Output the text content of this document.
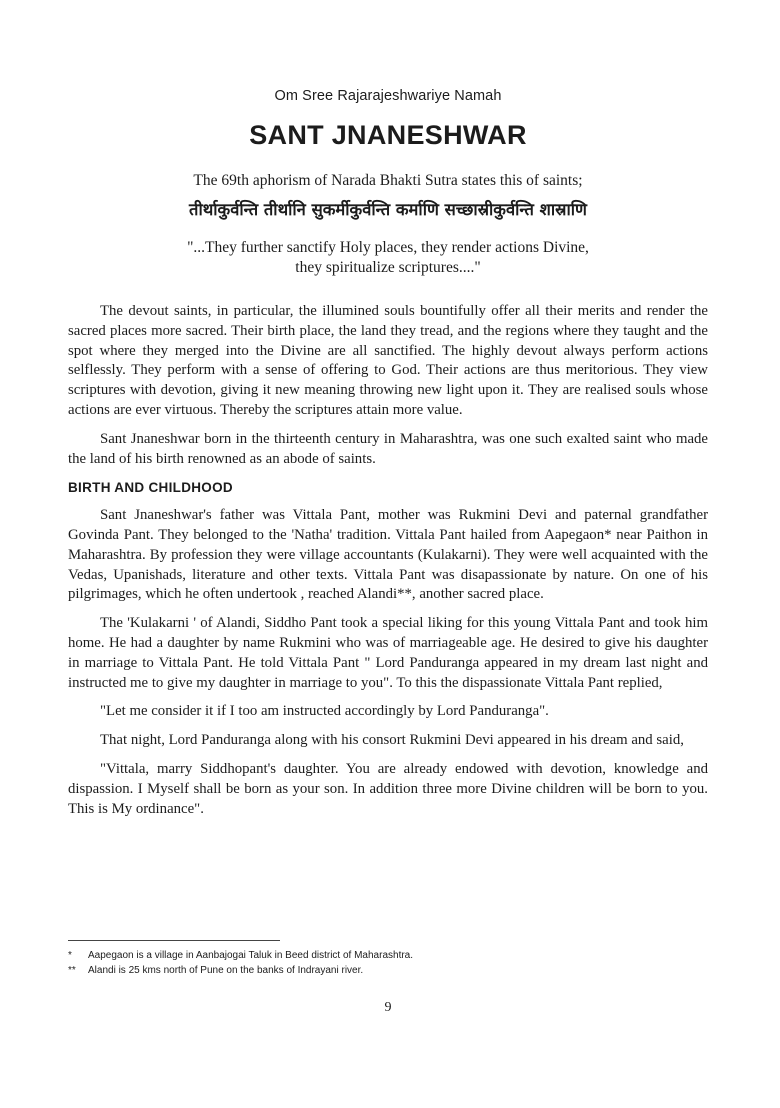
Om Sree Rajarajeshwariye Namah
SANT JNANESHWAR
The 69th aphorism of Narada Bhakti Sutra states this of saints;
तीर्थाकुर्वन्ति तीर्थानि सुकर्मीकुर्वन्ति कर्माणि सच्छास्रीकुर्वन्ति शास्राणि
"...They further sanctify Holy places, they render actions Divine,
they spiritualize scriptures...."

The devout saints, in particular, the illumined souls bountifully offer all their merits and render the sacred places more sacred. Their birth place, the land they tread, and the regions where they taught and the spot where they merged into the Divine are all sanctified. The highly devout always perform actions selflessly. They perform with a sense of offering to God. Their actions are thus meritorious. They view scriptures with devotion, giving it new meaning throwing new light upon it. They are realised souls whose actions are ever virtuous. Thereby the scriptures attain more value.

Sant Jnaneshwar born in the thirteenth century in Maharashtra, was one such exalted saint who made the land of his birth renowned as an abode of saints.

BIRTH AND CHILDHOOD

Sant Jnaneshwar's father was Vittala Pant, mother was Rukmini Devi and paternal grandfather Govinda Pant. They belonged to the 'Natha' tradition. Vittala Pant hailed from Aapegaon* near Paithon in Maharashtra. By profession they were village accountants (Kulakarni). They were well acquainted with the Vedas, Upanishads, literature and other texts. Vittala Pant was disapassionate by nature. On one of his pilgrimages, which he often undertook , reached Alandi**, another sacred place.

The 'Kulakarni ' of Alandi, Siddho Pant took a special liking for this young Vittala Pant and took him home. He had a daughter by name Rukmini who was of marriageable age. He desired to give his daughter in marriage to Vittala Pant. He told Vittala Pant " Lord Panduranga appeared in my dream last night and instructed me to give my daughter in marriage to you". To this the dispassionate Vittala Pant replied,

"Let me consider it if I too am instructed accordingly by Lord Panduranga".

That night, Lord Panduranga along with his consort Rukmini Devi appeared in his dream and said,

"Vittala, marry Siddhopant's daughter. You are already endowed with devotion, knowledge and dispassion. I Myself shall be born as your son. In addition three more Divine children will be born to you. This is My ordinance".

*	Aapegaon is a village in Aanbajogai Taluk in Beed district of Maharashtra.
**	Alandi is 25 kms north of Pune on the banks of Indrayani river.
9
